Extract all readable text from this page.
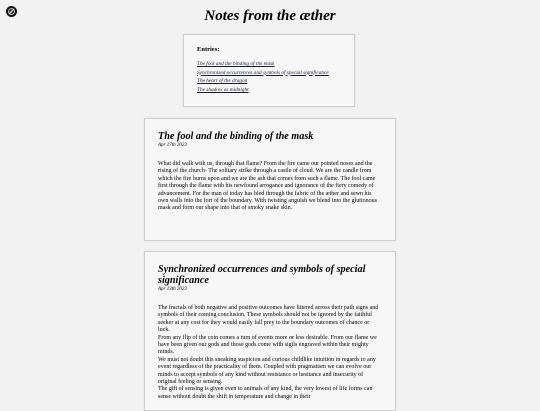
Notes from the æther
Entries:
The fool and the binding of the mask
Synchronized occurrences and symbols of special significance
The heart of the dragon
The shadow as midnight
The fool and the binding of the mask
Apr 17th 2023

What did walk with us, through that flame? From the fire came our pointed noses and the rising of the church- The solitary strike through a castle of cloud. We are the candle from which the fire burns upon and we are the ash that comes from such a flame. The fool came first through the flame with his newfound arrogance and ignorance of the fiery comedy of advancement. For the man of today has bled through the fabric of the æther and sewn his own walls into the fort of the boundary. With twisting anguish we blend into the gluttonous mask and form our shape into that of smoky snake skin.

Synchronized occurrences and symbols of special significance
Apr 13th 2023

The fractals of both negative and positive outcomes have littered across their path signs and symbols of their coming conclusion. These symbols should not be ignored by the faithful seeker at any cost for they would easily fall prey to the boundary outcomes of chance or luck.

From any flip of the coin comes a turn of events more or less desirable. From our flame we have been given our gods and those gods come with sigils engraved within their mighty minds.

We must not doubt this sneaking suspicion and curious childlike intuition in regards to any event regardless of the practicality of them. Coupled with pragmatism we can evolve our minds to accept symbols of any kind without resistance or hesitance and insecurity of original feeling or sensing.

The gift of sensing is given even to animals of any kind, the very lowest of life forms can sense without doubt the shift in temperature and change in their
